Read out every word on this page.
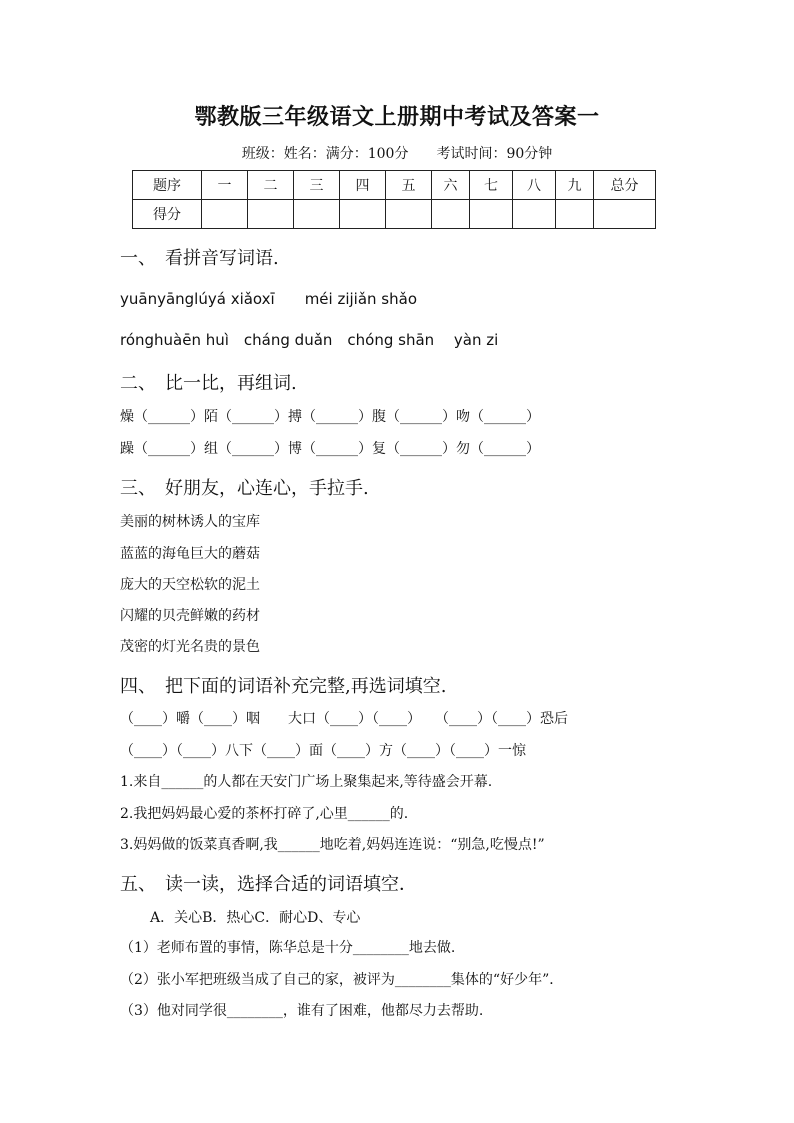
鄂教版三年级语文上册期中考试及答案一
班级：姓名：满分：100分　　考试时间：90分钟
题序	一	二	三	四	五	六	七	八	九	总分
得分										
一、　看拼音写词语.
yuānyānglúyá xiǎoxī　　méi zijiǎn shǎo
rónghuàēn huì　cháng duǎn　chóng shān　 yàn zi
二、　比一比，再组词.
燥（______）陌（______）搏（______）腹（______）吻（______）
躁（______）组（______）博（______）复（______）勿（______）
三、　好朋友，心连心，手拉手.
美丽的树林诱人的宝库
蓝蓝的海龟巨大的蘑菇
庞大的天空松软的泥土
闪耀的贝壳鲜嫩的药材
茂密的灯光名贵的景色
四、　把下面的词语补充完整,再选词填空.
（____）嚼（____）咽　　大口（____）（____）　　（____）（____）恐后
（____）（____）八下（____）面（____）方（____）（____）一惊
1.来自______的人都在天安门广场上聚集起来,等待盛会开幕.
2.我把妈妈最心爱的茶杯打碎了,心里______的.
3.妈妈做的饭菜真香啊,我______地吃着,妈妈连连说：“别急,吃慢点!”
五、　读一读，选择合适的词语填空．
A．关心B．热心C．耐心D、专心
（1）老师布置的事情，陈华总是十分________地去做.
（2）张小军把班级当成了自己的家，被评为________集体的“好少年”．
（3）他对同学很________，谁有了困难，他都尽力去帮助.
